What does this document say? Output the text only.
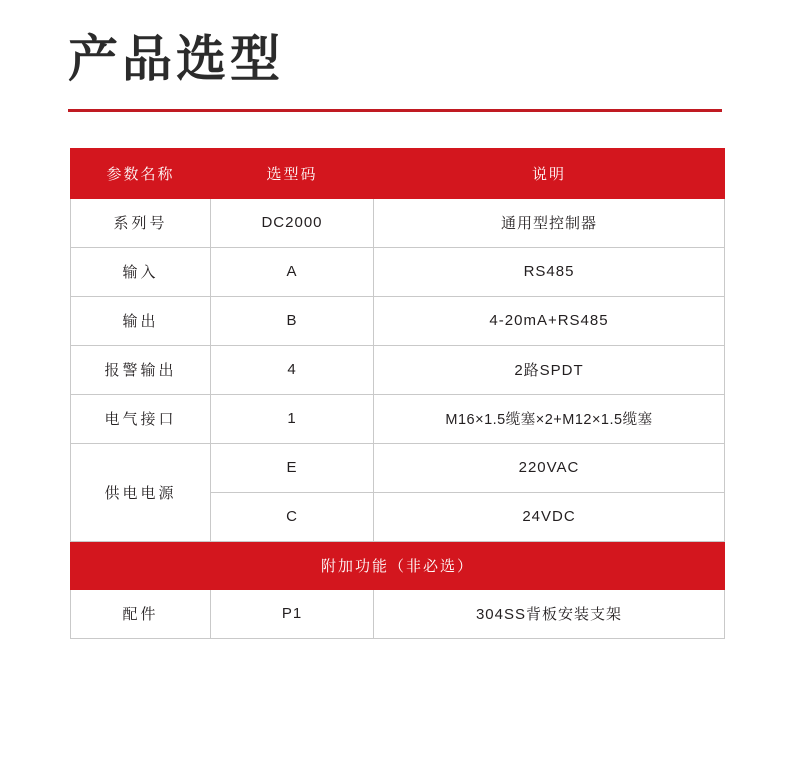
产品选型
参数名称	选型码	说明
系列号	DC2000	通用型控制器
输入	A	RS485
输出	B	4-20mA+RS485
报警输出	4	2路SPDT
电气接口	1	M16×1.5缆塞×2+M12×1.5缆塞
供电电源	E	220VAC
	C	24VDC
附加功能（非必选）		
配件	P1	304SS背板安装支架
